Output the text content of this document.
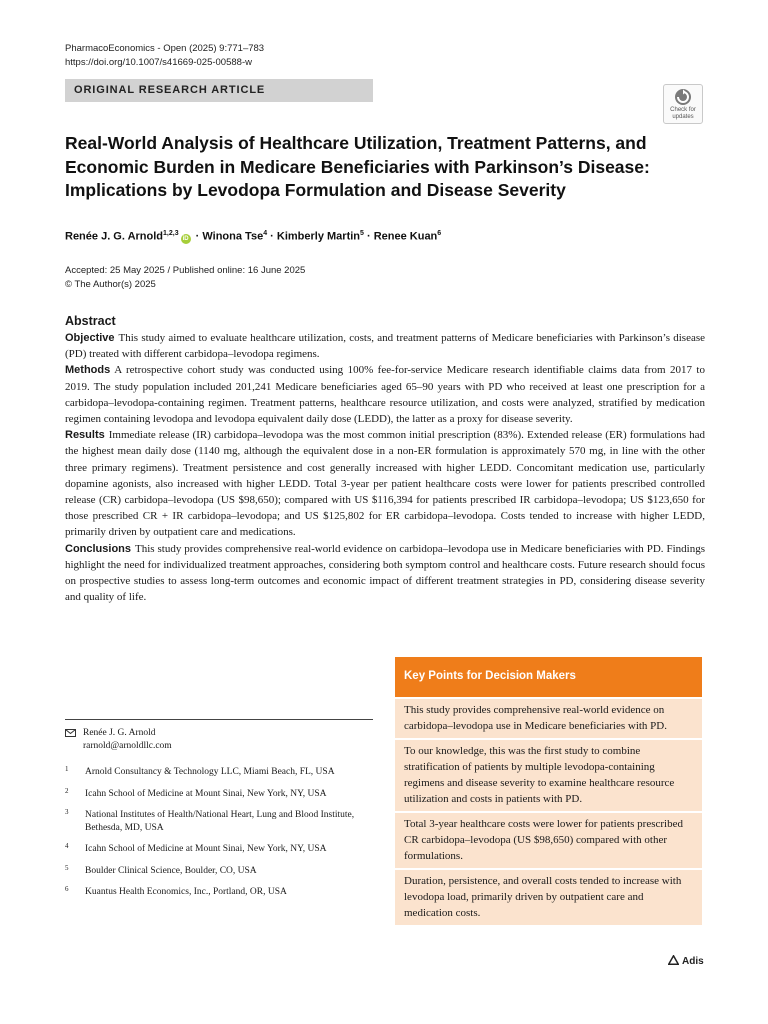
PharmacoEconomics - Open (2025) 9:771–783
https://doi.org/10.1007/s41669-025-00588-w
ORIGINAL RESEARCH ARTICLE
Check for updates
Real-World Analysis of Healthcare Utilization, Treatment Patterns, and Economic Burden in Medicare Beneficiaries with Parkinson’s Disease: Implications by Levodopa Formulation and Disease Severity
Renée J. G. Arnold$^{1,2,3}$iD · Winona Tse$^4$ · Kimberly Martin$^5$ · Renee Kuan$^6$
Accepted: 25 May 2025 / Published online: 16 June 2025
© The Author(s) 2025
Abstract

Objective This study aimed to evaluate healthcare utilization, costs, and treatment patterns of Medicare beneficiaries with Parkinson’s disease (PD) treated with different carbidopa–levodopa regimens.

Methods A retrospective cohort study was conducted using 100% fee-for-service Medicare research identifiable claims data from 2017 to 2019. The study population included 201,241 Medicare beneficiaries aged 65–90 years with PD who received at least one prescription for a carbidopa–levodopa-containing regimen. Treatment patterns, healthcare resource utilization, and costs were analyzed, stratified by medication regimen containing levodopa and levodopa equivalent daily dose (LEDD), the latter as a proxy for disease severity.

Results Immediate release (IR) carbidopa–levodopa was the most common initial prescription (83%). Extended release (ER) formulations had the highest mean daily dose (1140 mg, although the equivalent dose in a non-ER formulation is approximately 570 mg, in line with the other three primary regimens). Treatment persistence and cost generally increased with higher LEDD. Concomitant medication use, particularly dopamine agonists, also increased with higher LEDD. Total 3-year per patient healthcare costs were lower for patients prescribed controlled release (CR) carbidopa–levodopa (US $98,650); compared with US $116,394 for patients prescribed IR carbidopa–levodopa; US $123,650 for those prescribed CR + IR carbidopa–levodopa; and US $125,802 for ER carbidopa–levodopa. Costs tended to increase with higher LEDD, primarily driven by outpatient care and medications.

Conclusions This study provides comprehensive real-world evidence on carbidopa–levodopa use in Medicare beneficiaries with PD. Findings highlight the need for individualized treatment approaches, considering both symptom control and healthcare costs. Future research should focus on prospective studies to assess long-term outcomes and economic impact of different treatment strategies in PD, considering disease severity and quality of life.

Renée J. G. Arnold
rarnold@arnoldllc.com
1 Arnold Consultancy & Technology LLC, Miami Beach, FL, USA
2 Icahn School of Medicine at Mount Sinai, New York, NY, USA
3 National Institutes of Health/National Heart, Lung and Blood Institute, Bethesda, MD, USA
4 Icahn School of Medicine at Mount Sinai, New York, NY, USA
5 Boulder Clinical Science, Boulder, CO, USA
6 Kuantus Health Economics, Inc., Portland, OR, USA
Key Points for Decision Makers
This study provides comprehensive real-world evidence on carbidopa–levodopa use in Medicare beneficiaries with PD.
To our knowledge, this was the first study to combine stratification of patients by multiple levodopa-containing regimens and disease severity to examine healthcare resource utilization and costs in patients with PD.
Total 3-year healthcare costs were lower for patients prescribed CR carbidopa–levodopa (US $98,650) compared with other formulations.
Duration, persistence, and overall costs tended to increase with levodopa load, primarily driven by outpatient care and medication costs.
Adis
